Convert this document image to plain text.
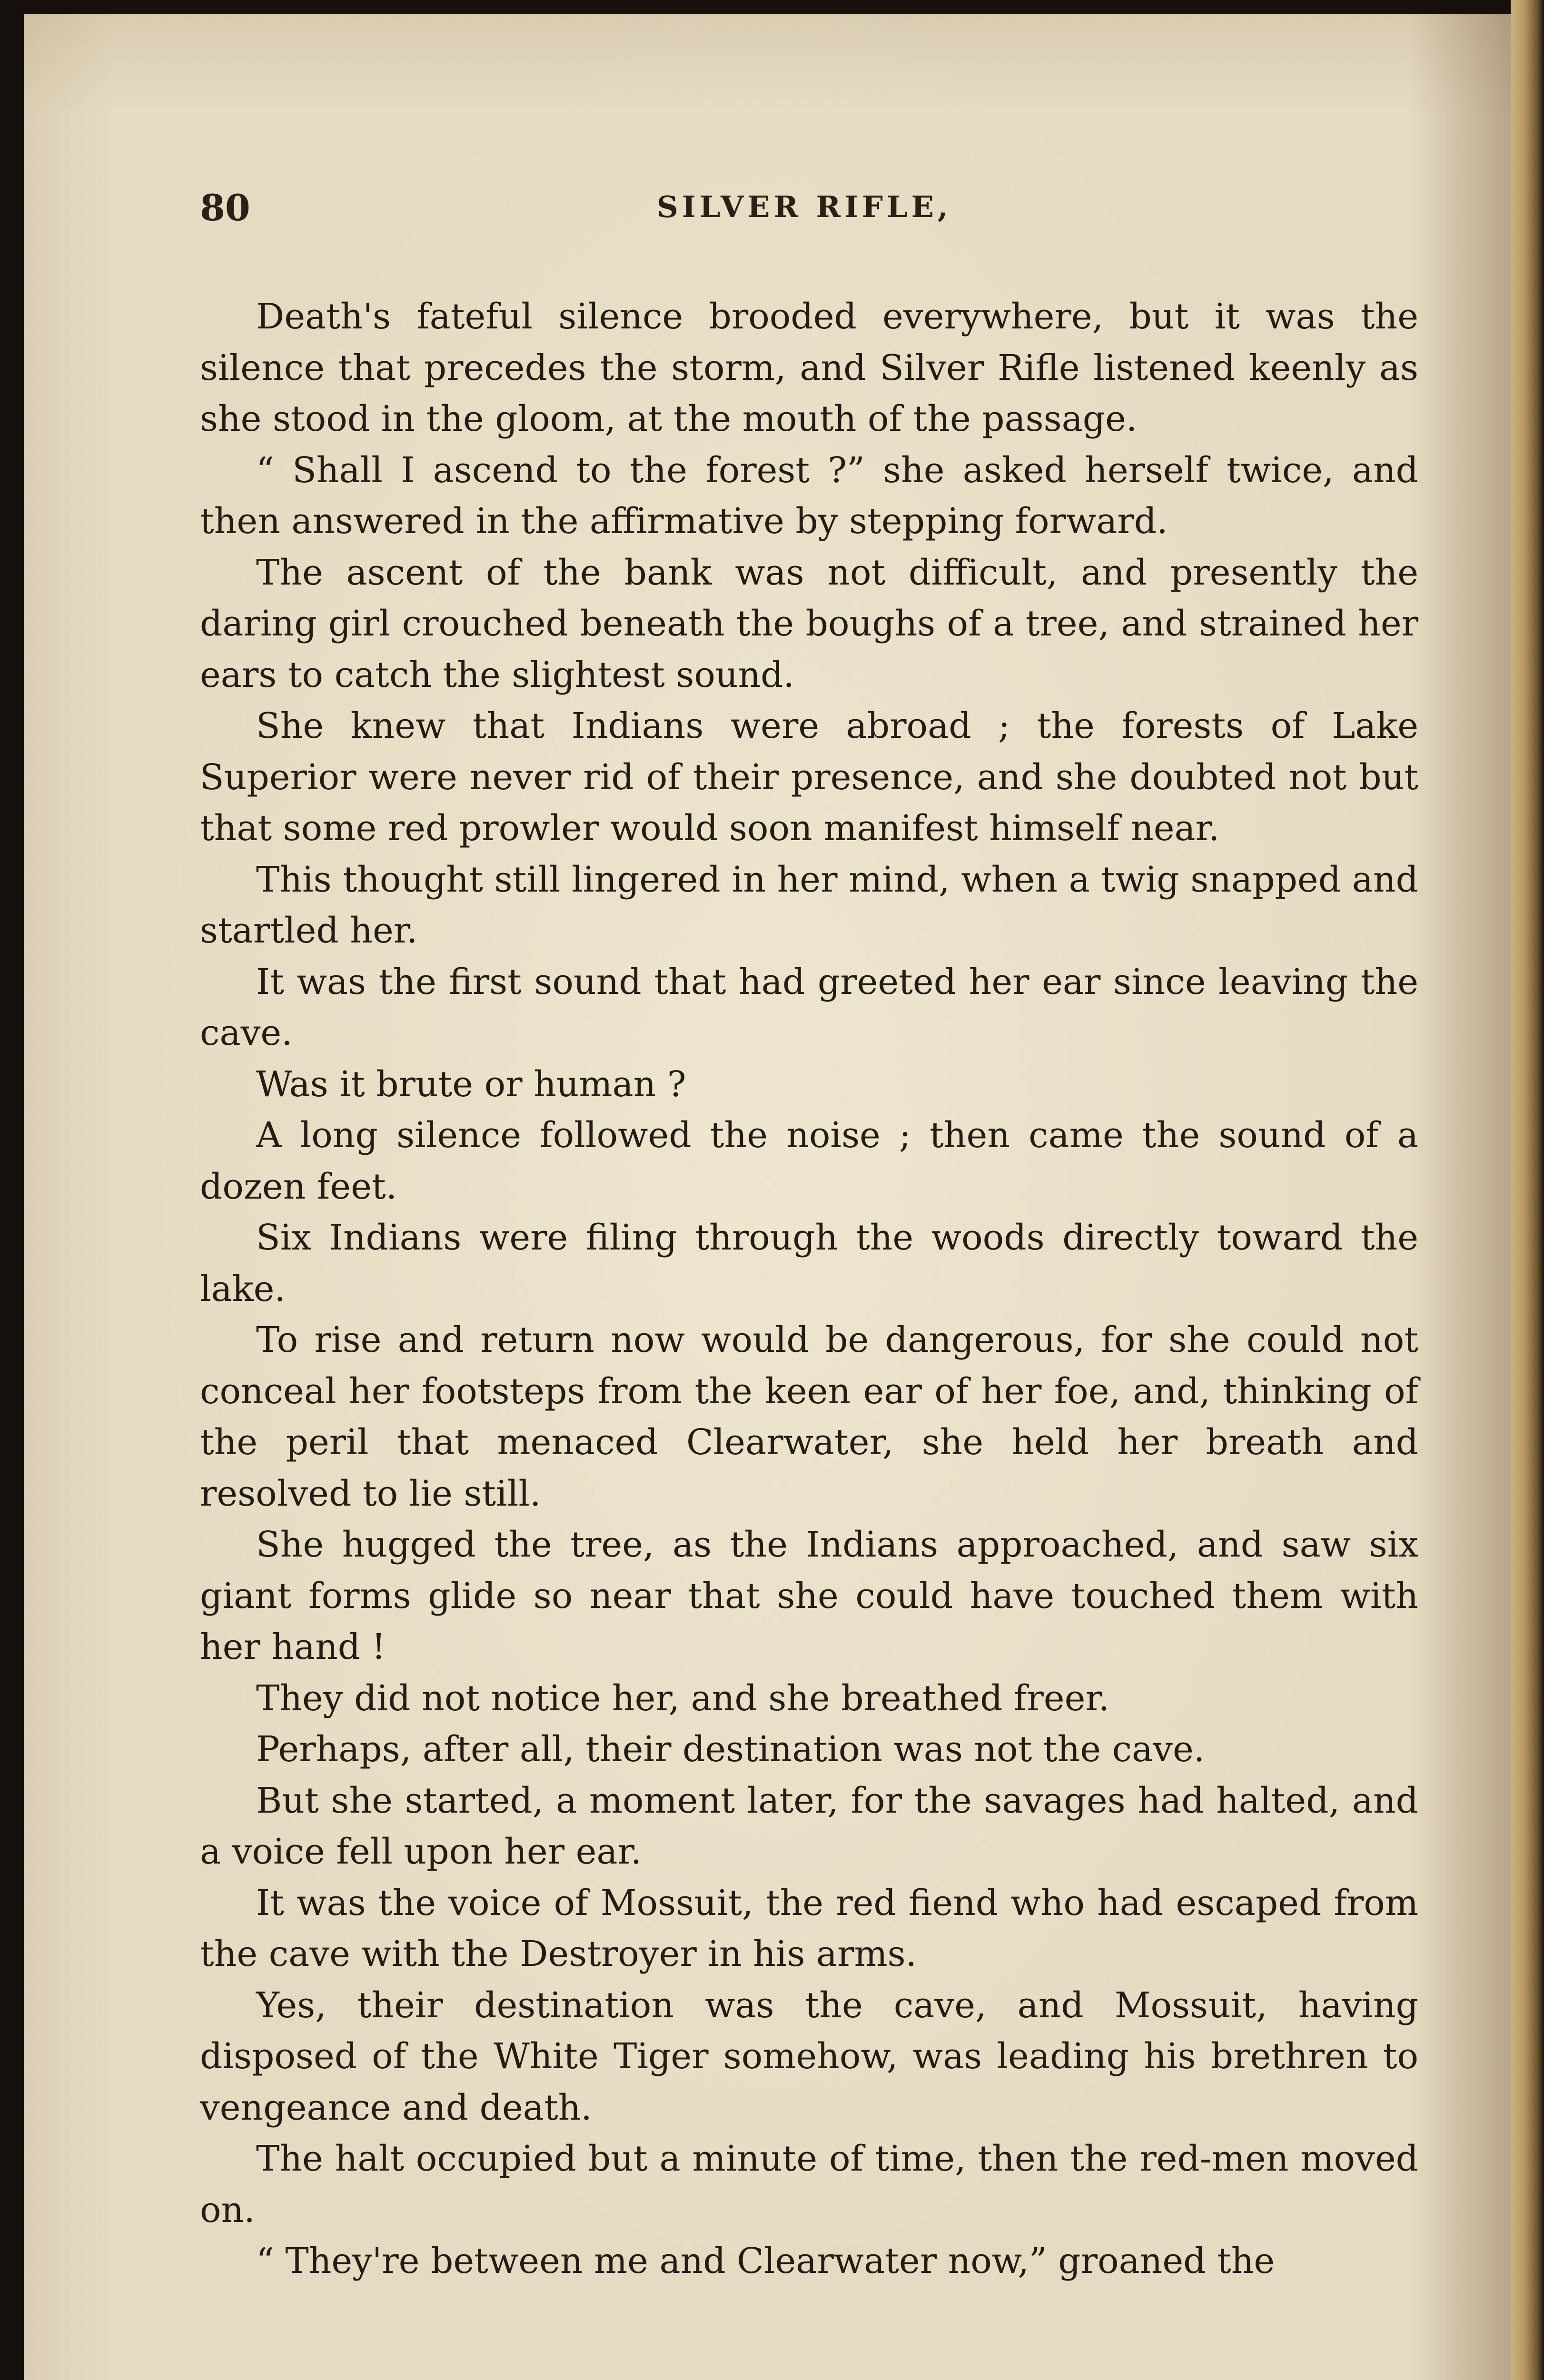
80	SILVER RIFLE,

Death's fateful silence brooded everywhere, but it was the silence that precedes the storm, and Silver Rifle listened keenly as she stood in the gloom, at the mouth of the passage.

“ Shall I ascend to the forest ?” she asked herself twice, and then answered in the affirmative by stepping forward.

The ascent of the bank was not difficult, and presently the daring girl crouched beneath the boughs of a tree, and strained her ears to catch the slightest sound.

She knew that Indians were abroad ; the forests of Lake Superior were never rid of their presence, and she doubted not but that some red prowler would soon manifest himself near.

This thought still lingered in her mind, when a twig snapped and startled her.

It was the first sound that had greeted her ear since leaving the cave.

Was it brute or human ?

A long silence followed the noise ; then came the sound of a dozen feet.

Six Indians were filing through the woods directly toward the lake.

To rise and return now would be dangerous, for she could not conceal her footsteps from the keen ear of her foe, and, thinking of the peril that menaced Clearwater, she held her breath and resolved to lie still.

She hugged the tree, as the Indians approached, and saw six giant forms glide so near that she could have touched them with her hand !

They did not notice her, and she breathed freer.

Perhaps, after all, their destination was not the cave.

But she started, a moment later, for the savages had halted, and a voice fell upon her ear.

It was the voice of Mossuit, the red fiend who had escaped from the cave with the Destroyer in his arms.

Yes, their destination was the cave, and Mossuit, having disposed of the White Tiger somehow, was leading his brethren to vengeance and death.

The halt occupied but a minute of time, then the red-men moved on.

“ They're between me and Clearwater now,” groaned the
